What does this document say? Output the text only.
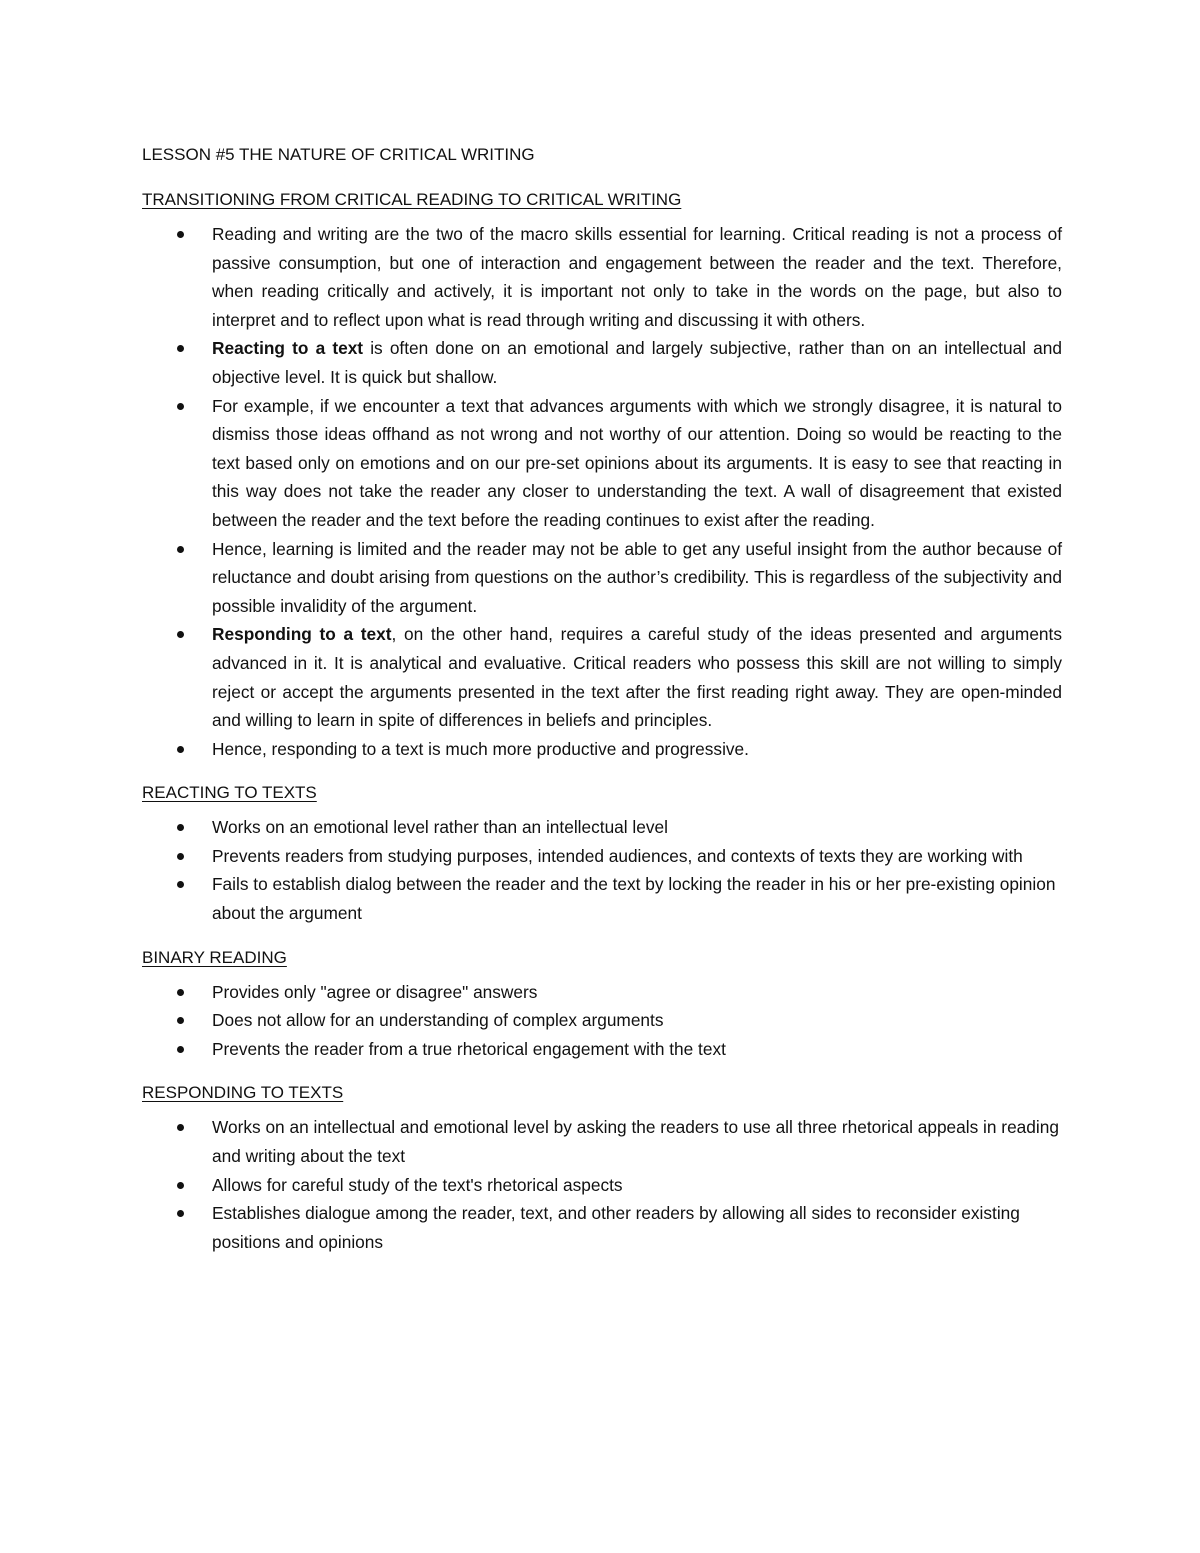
LESSON #5 THE NATURE OF CRITICAL WRITING
TRANSITIONING FROM CRITICAL READING TO CRITICAL WRITING
Reading and writing are the two of the macro skills essential for learning. Critical reading is not a process of passive consumption, but one of interaction and engagement between the reader and the text. Therefore, when reading critically and actively, it is important not only to take in the words on the page, but also to interpret and to reflect upon what is read through writing and discussing it with others.
Reacting to a text is often done on an emotional and largely subjective, rather than on an intellectual and objective level. It is quick but shallow.
For example, if we encounter a text that advances arguments with which we strongly disagree, it is natural to dismiss those ideas offhand as not wrong and not worthy of our attention. Doing so would be reacting to the text based only on emotions and on our pre-set opinions about its arguments. It is easy to see that reacting in this way does not take the reader any closer to understanding the text. A wall of disagreement that existed between the reader and the text before the reading continues to exist after the reading.
Hence, learning is limited and the reader may not be able to get any useful insight from the author because of reluctance and doubt arising from questions on the author’s credibility. This is regardless of the subjectivity and possible invalidity of the argument.
Responding to a text, on the other hand, requires a careful study of the ideas presented and arguments advanced in it. It is analytical and evaluative. Critical readers who possess this skill are not willing to simply reject or accept the arguments presented in the text after the first reading right away. They are open-minded and willing to learn in spite of differences in beliefs and principles.
Hence, responding to a text is much more productive and progressive.
REACTING TO TEXTS
Works on an emotional level rather than an intellectual level
Prevents readers from studying purposes, intended audiences, and contexts of texts they are working with
Fails to establish dialog between the reader and the text by locking the reader in his or her pre-existing opinion about the argument
BINARY READING
Provides only "agree or disagree" answers
Does not allow for an understanding of complex arguments
Prevents the reader from a true rhetorical engagement with the text
RESPONDING TO TEXTS
Works on an intellectual and emotional level by asking the readers to use all three rhetorical appeals in reading and writing about the text
Allows for careful study of the text's rhetorical aspects
Establishes dialogue among the reader, text, and other readers by allowing all sides to reconsider existing positions and opinions
